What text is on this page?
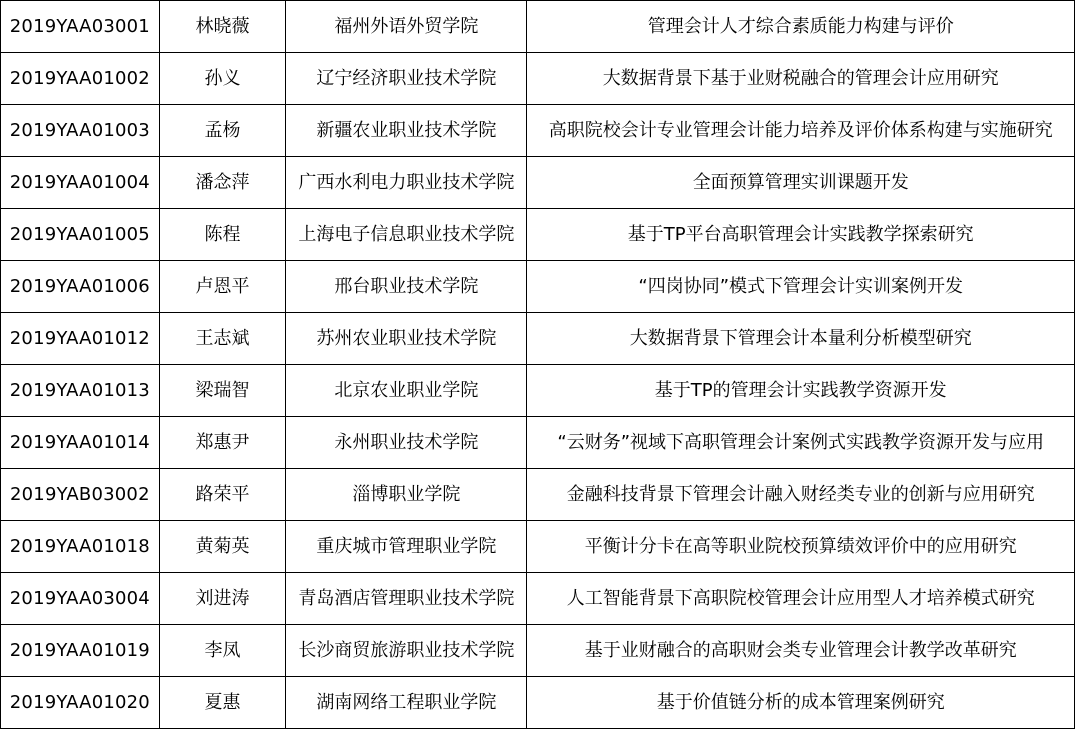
2019YAA03001	林晓薇	福州外语外贸学院	管理会计人才综合素质能力构建与评价
2019YAA01002	孙义	辽宁经济职业技术学院	大数据背景下基于业财税融合的管理会计应用研究
2019YAA01003	孟杨	新疆农业职业技术学院	高职院校会计专业管理会计能力培养及评价体系构建与实施研究
2019YAA01004	潘念萍	广西水利电力职业技术学院	全面预算管理实训课题开发
2019YAA01005	陈程	上海电子信息职业技术学院	基于TP平台高职管理会计实践教学探索研究
2019YAA01006	卢恩平	邢台职业技术学院	“四岗协同”模式下管理会计实训案例开发
2019YAA01012	王志斌	苏州农业职业技术学院	大数据背景下管理会计本量利分析模型研究
2019YAA01013	梁瑞智	北京农业职业学院	基于TP的管理会计实践教学资源开发
2019YAA01014	郑惠尹	永州职业技术学院	“云财务”视域下高职管理会计案例式实践教学资源开发与应用
2019YAB03002	路荣平	淄博职业学院	金融科技背景下管理会计融入财经类专业的创新与应用研究
2019YAA01018	黄菊英	重庆城市管理职业学院	平衡计分卡在高等职业院校预算绩效评价中的应用研究
2019YAA03004	刘进涛	青岛酒店管理职业技术学院	人工智能背景下高职院校管理会计应用型人才培养模式研究
2019YAA01019	李凤	长沙商贸旅游职业技术学院	基于业财融合的高职财会类专业管理会计教学改革研究
2019YAA01020	夏惠	湖南网络工程职业学院	基于价值链分析的成本管理案例研究
